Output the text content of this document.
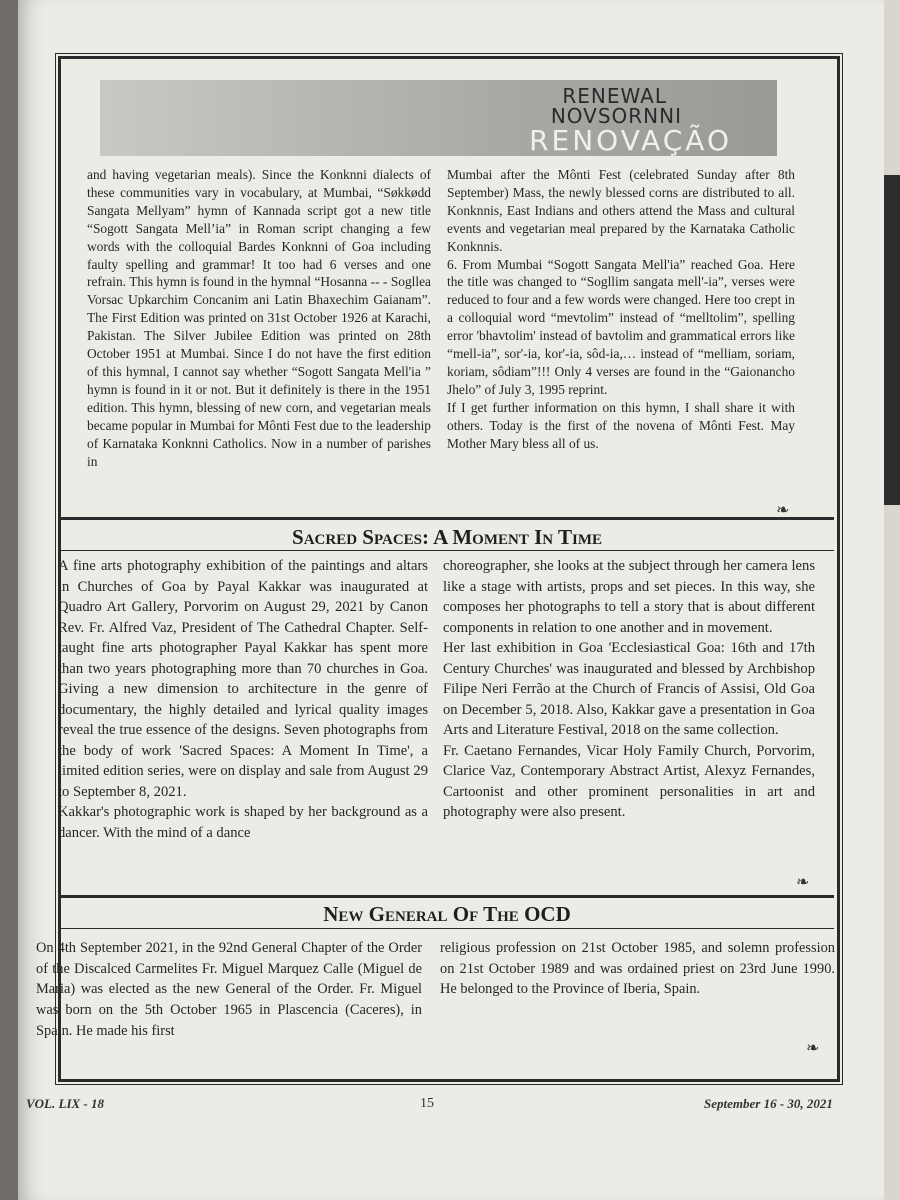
RENEWAL
NOVSORNNI
RENOVAÇÃO

and having vegetarian meals). Since the Konknni dialects of these communities vary in vocabulary, at Mumbai, “Søkkødd Sangata Mellyam” hymn of Kannada script got a new title “Sogott Sangata Mell’ia” in Roman script changing a few words with the colloquial Bardes Konknni of Goa including faulty spelling and grammar! It too had 6 verses and one refrain. This hymn is found in the hymnal “Hosanna -- - Sogllea Vorsac Upkarchim Concanim ani Latin Bhaxechim Gaianam”. The First Edition was printed on 31st October 1926 at Karachi, Pakistan. The Silver Jubilee Edition was printed on 28th October 1951 at Mumbai. Since I do not have the first edition of this hymnal, I cannot say whether “Sogott Sangata Mell'ia ” hymn is found in it or not. But it definitely is there in the 1951 edition. This hymn, blessing of new corn, and vegetarian meals became popular in Mumbai for Mônti Fest due to the leadership of Karnataka Konknni Catholics. Now in a number of parishes in

Mumbai after the Mônti Fest (celebrated Sunday after 8th September) Mass, the newly blessed corns are distributed to all. Konknnis, East Indians and others attend the Mass and cultural events and vegetarian meal prepared by the Karnataka Catholic Konknnis.

6. From Mumbai “Sogott Sangata Mell'ia” reached Goa. Here the title was changed to “Sogllim sangata mell'-ia”, verses were reduced to four and a few words were changed. Here too crept in a colloquial word “mevtolim” instead of “melltolim”, spelling error 'bhavtolim' instead of bavtolim and grammatical errors like “mell-ia”, sor'-ia, kor'-ia, sôd-ia,… instead of “melliam, soriam, koriam, sôdiam”!!! Only 4 verses are found in the “Gaionancho Jhelo” of July 3, 1995 reprint.

If I get further information on this hymn, I shall share it with others. Today is the first of the novena of Mônti Fest. May Mother Mary bless all of us.

❧
Sacred Spaces: A Moment In Time

A fine arts photography exhibition of the paintings and altars in Churches of Goa by Payal Kakkar was inaugurated at Quadro Art Gallery, Porvorim on August 29, 2021 by Canon Rev. Fr. Alfred Vaz, President of The Cathedral Chapter. Self-taught fine arts photographer Payal Kakkar has spent more than two years photographing more than 70 churches in Goa. Giving a new dimension to architecture in the genre of documentary, the highly detailed and lyrical quality images reveal the true essence of the designs. Seven photographs from the body of work 'Sacred Spaces: A Moment In Time', a limited edition series, were on display and sale from August 29 to September 8, 2021.

Kakkar's photographic work is shaped by her background as a dancer. With the mind of a dance

choreographer, she looks at the subject through her camera lens like a stage with artists, props and set pieces. In this way, she composes her photographs to tell a story that is about different components in relation to one another and in movement.

Her last exhibition in Goa 'Ecclesiastical Goa: 16th and 17th Century Churches' was inaugurated and blessed by Archbishop Filipe Neri Ferrão at the Church of Francis of Assisi, Old Goa on December 5, 2018. Also, Kakkar gave a presentation in Goa Arts and Literature Festival, 2018 on the same collection.

Fr. Caetano Fernandes, Vicar Holy Family Church, Porvorim, Clarice Vaz, Contemporary Abstract Artist, Alexyz Fernandes, Cartoonist and other prominent personalities in art and photography were also present.

❧
New General Of The OCD

On 4th September 2021, in the 92nd General Chapter of the Order of the Discalced Carmelites Fr. Miguel Marquez Calle (Miguel de Maria) was elected as the new General of the Order. Fr. Miguel was born on the 5th October 1965 in Plascencia (Caceres), in Spain. He made his first

religious profession on 21st October 1985, and solemn profession on 21st October 1989 and was ordained priest on 23rd June 1990. He belonged to the Province of Iberia, Spain.

❧
VOL. LIX - 18	15	September 16 - 30, 2021
